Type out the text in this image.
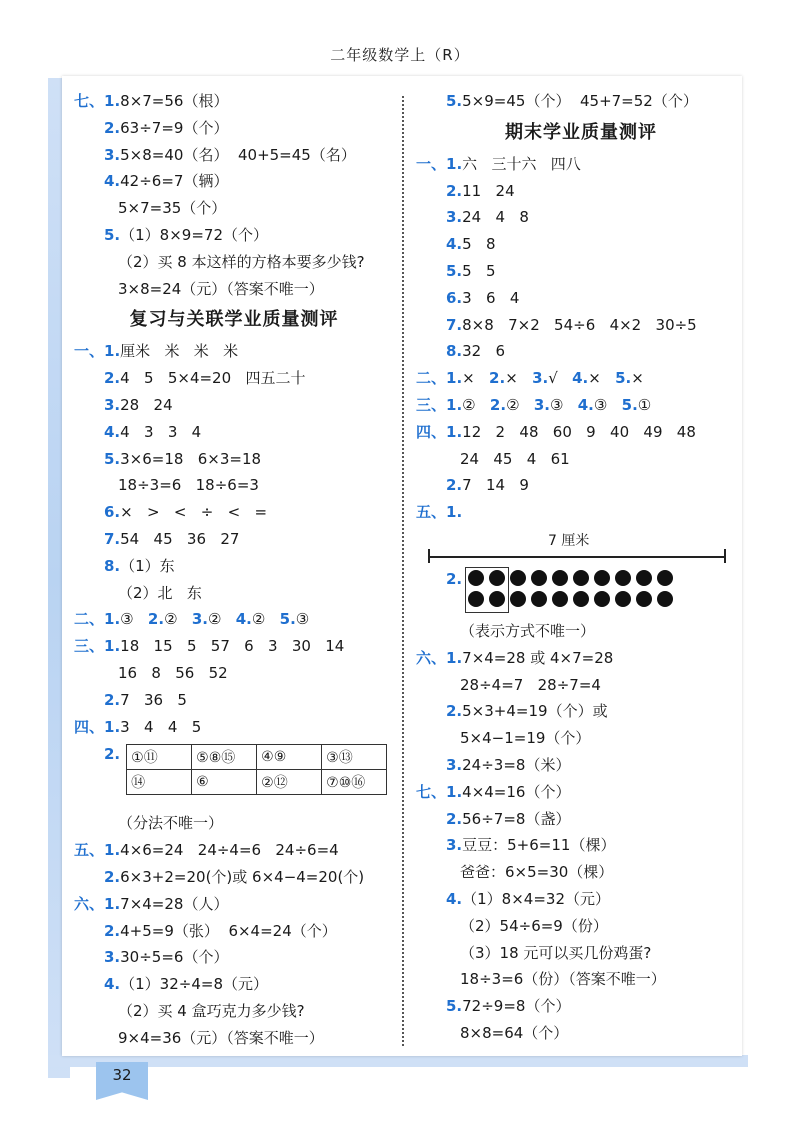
二年级数学上（R）
七、1.8×7=56（根）
2.63÷7=9（个）
3.5×8=40（名）  40+5=45（名）
4.42÷6=7（辆）
5×7=35（个）
5.（1）8×9=72（个）
（2）买 8 本这样的方格本要多少钱?
3×8=24（元）（答案不唯一）
复习与关联学业质量测评
一、1.厘米   米   米   米
2.4   5   5×4=20   四五二十
3.28   24
4.4   3   3   4
5.3×6=18   6×3=18
18÷3=6   18÷6=3
6.×   >   <   ÷   <   =
7.54   45   36   27
8.（1）东
（2）北   东
二、1.③ 2.② 3.② 4.② 5.③
三、1.18   15   5   57   6   3   30   14
16   8   56   52
2.7   36   5
四、1.3   4   4   5
2. ①⑪	⑤⑧⑮	④⑨	③⑬
⑭	⑥	②⑫	⑦⑩⑯
（分法不唯一）
五、1.4×6=24   24÷4=6   24÷6=4
2.6×3+2=20(个)或 6×4−4=20(个)
六、1.7×4=28（人）
2.4+5=9（张）  6×4=24（个）
3.30÷5=6（个）
4.（1）32÷4=8（元）
（2）买 4 盒巧克力多少钱?
9×4=36（元）（答案不唯一）
5.5×9=45（个）  45+7=52（个）
期末学业质量测评
一、1.六   三十六   四八
2.11   24
3.24   4   8
4.5   8
5.5   5
6.3   6   4
7.8×8   7×2   54÷6   4×2   30÷5
8.32   6
二、1.× 2.× 3.√ 4.× 5.×
三、1.② 2.② 3.③ 4.③ 5.①
四、1.12   2   48   60   9   40   49   48
24   45   4   61
2.7   14   9
五、1.
7 厘米
2.
（表示方式不唯一）
六、1.7×4=28 或 4×7=28
28÷4=7   28÷7=4
2.5×3+4=19（个）或
5×4−1=19（个）
3.24÷3=8（米）
七、1.4×4=16（个）
2.56÷7=8（盏）
3.豆豆：5+6=11（棵）
爸爸：6×5=30（棵）
4.（1）8×4=32（元）
（2）54÷6=9（份）
（3）18 元可以买几份鸡蛋?
18÷3=6（份）（答案不唯一）
5.72÷9=8（个）
8×8=64（个）
32
